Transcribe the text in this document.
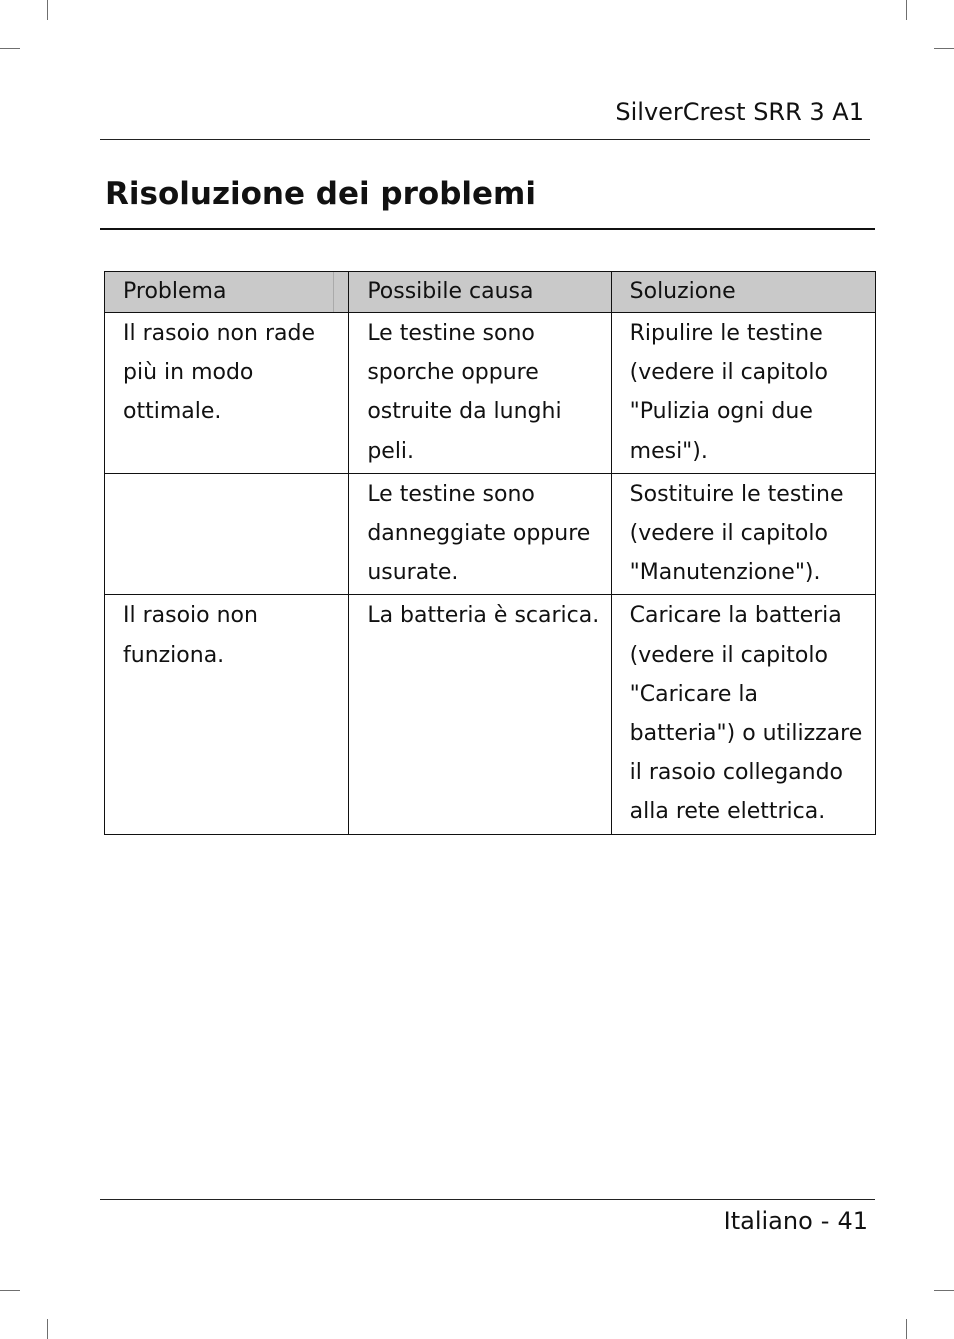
SilverCrest SRR 3 A1
Risoluzione dei problemi
Problema	Possibile causa	Soluzione
Il rasoio non rade più in modo ottimale.	Le testine sono sporche oppure ostruite da lunghi peli.	Ripulire le testine (vedere il capitolo "Pulizia ogni due mesi").
	Le testine sono danneggiate oppure usurate.	Sostituire le testine (vedere il capitolo "Manutenzione").
Il rasoio non funziona.	La batteria è scarica.	Caricare la batteria (vedere il capitolo "Caricare la batteria") o utilizzare il rasoio collegando alla rete elettrica.
Italiano - 41
